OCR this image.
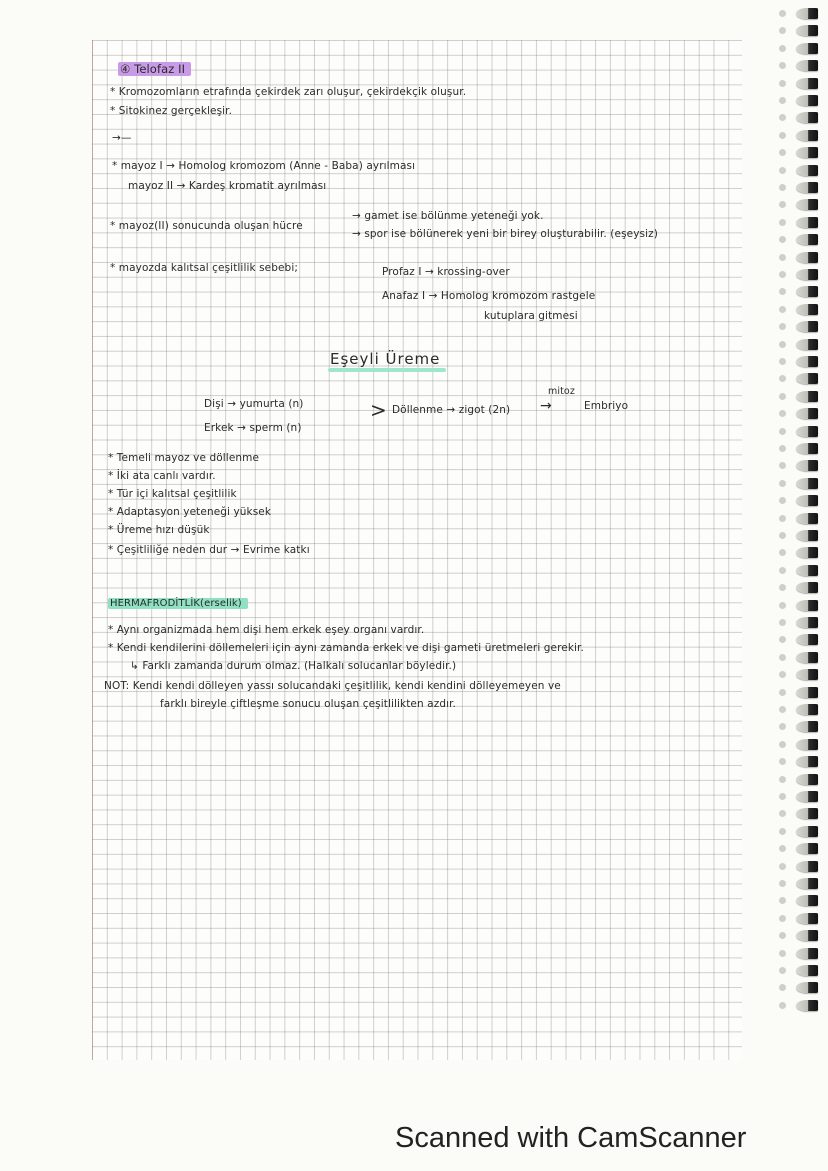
④ Telofaz II
* Kromozomların etrafında çekirdek zarı oluşur, çekirdekçik oluşur.
* Sitokinez gerçekleşir.
→—
* mayoz I → Homolog kromozom (Anne - Baba) ayrılması
mayoz II → Kardeş kromatit ayrılması
* mayoz(II) sonucunda oluşan hücre
→ gamet ise bölünme yeteneği yok.
→ spor ise bölünerek yeni bir birey oluşturabilir. (eşeysiz)
* mayozda kalıtsal çeşitlilik sebebi;	Profaz I → krossing-over
Anafaz I → Homolog kromozom rastgele
kutuplara gitmesi
Eşeyli Üreme
Dişi → yumurta (n)
Erkek → sperm (n)
> Döllenme → zigot (2n)
mitoz
→	Embriyo
* Temeli mayoz ve döllenme
* İki ata canlı vardır.
* Tür içi kalıtsal çeşitlilik
* Adaptasyon yeteneği yüksek
* Üreme hızı düşük
* Çeşitliliğe neden dur → Evrime katkı
HERMAFRODİTLİK(erselik)
* Aynı organizmada hem dişi hem erkek eşey organı vardır.
* Kendi kendilerini döllemeleri için aynı zamanda erkek ve dişi gameti üretmeleri gerekir.
↳ Farklı zamanda durum olmaz. (Halkalı solucanlar böyledir.)
NOT: Kendi kendi dölleyen yassı solucandaki çeşitlilik, kendi kendini dölleyemeyen ve
farklı bireyle çiftleşme sonucu oluşan çeşitlilikten azdır.
Scanned with CamScanner
